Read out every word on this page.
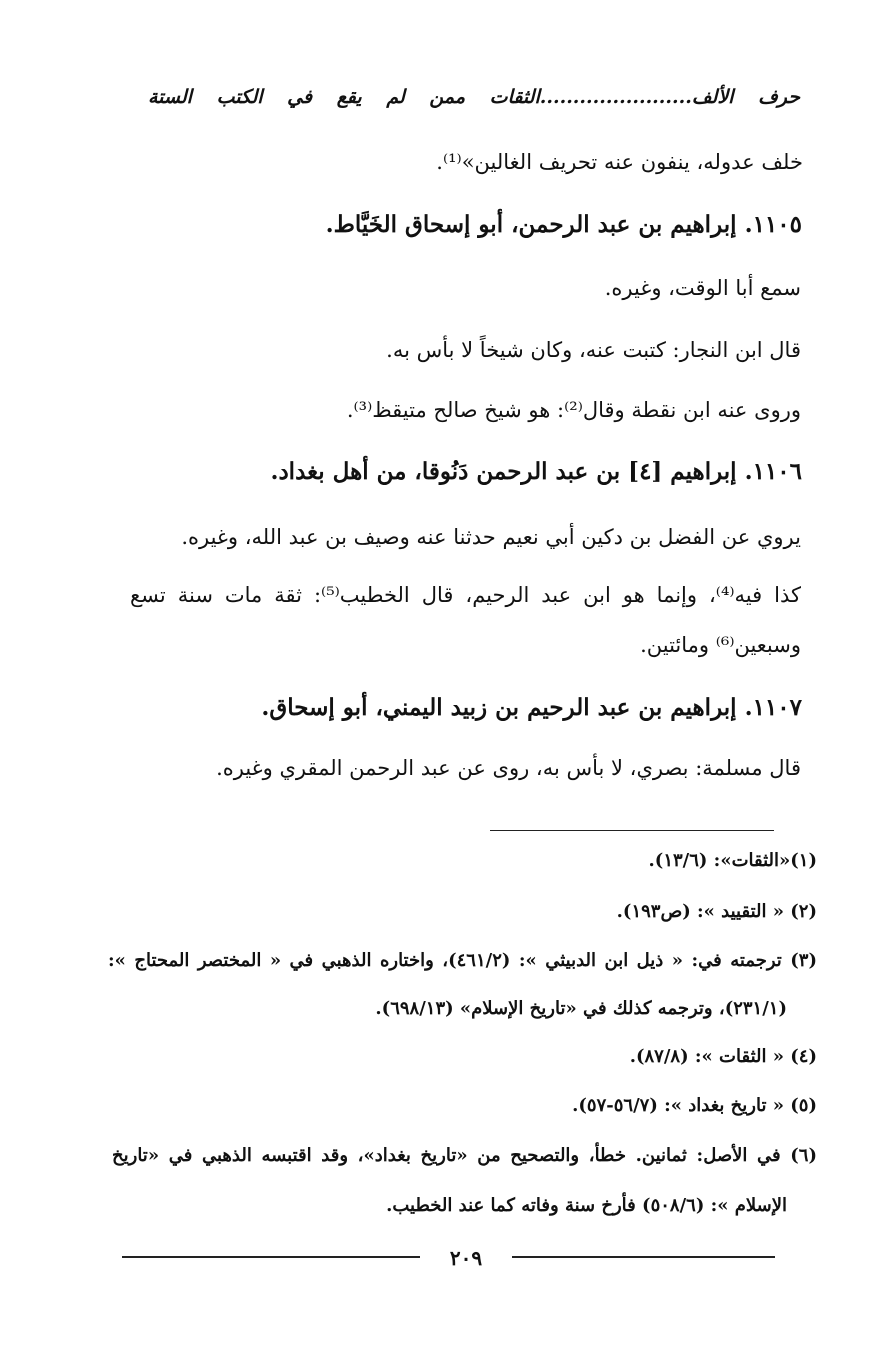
حرف الألف.......................الثقات ممن لم يقع في الكتب الستة
خلف عدوله، ينفون عنه تحريف الغالين»⁽¹⁾.
١١٠٥. إبراهيم بن عبد الرحمن، أبو إسحاق الخَيَّاط.
سمع أبا الوقت، وغيره.
قال ابن النجار: كتبت عنه، وكان شيخاً لا بأس به.
وروى عنه ابن نقطة وقال⁽²⁾: هو شيخ صالح متيقظ⁽³⁾.
١١٠٦. إبراهيم [٤] بن عبد الرحمن دَنُوقا، من أهل بغداد.
يروي عن الفضل بن دكين أبي نعيم حدثنا عنه وصيف بن عبد الله، وغيره.
كذا فيه⁽⁴⁾، وإنما هو ابن عبد الرحيم، قال الخطيب⁽⁵⁾: ثقة مات سنة تسع
وسبعين⁽⁶⁾ ومائتين.
١١٠٧. إبراهيم بن عبد الرحيم بن زبيد اليمني، أبو إسحاق.
قال مسلمة: بصري، لا بأس به، روى عن عبد الرحمن المقري وغيره.
(١)«الثقات»: (١٣/٦).
(٢) « التقييد »: (ص١٩٣).
(٣) ترجمته في: « ذيل ابن الدبيثي »: (٤٦١/٢)، واختاره الذهبي في « المختصر المحتاج »:
(٢٣١/١)، وترجمه كذلك في «تاريخ الإسلام» (٦٩٨/١٣).
(٤) « الثقات »: (٨٧/٨).
(٥) « تاريخ بغداد »: (٥٦/٧-٥٧).
(٦) في الأصل: ثمانين. خطأ، والتصحيح من «تاريخ بغداد»، وقد اقتبسه الذهبي في «تاريخ
الإسلام »: (٥٠٨/٦) فأرخ سنة وفاته كما عند الخطيب.
٢٠٩
